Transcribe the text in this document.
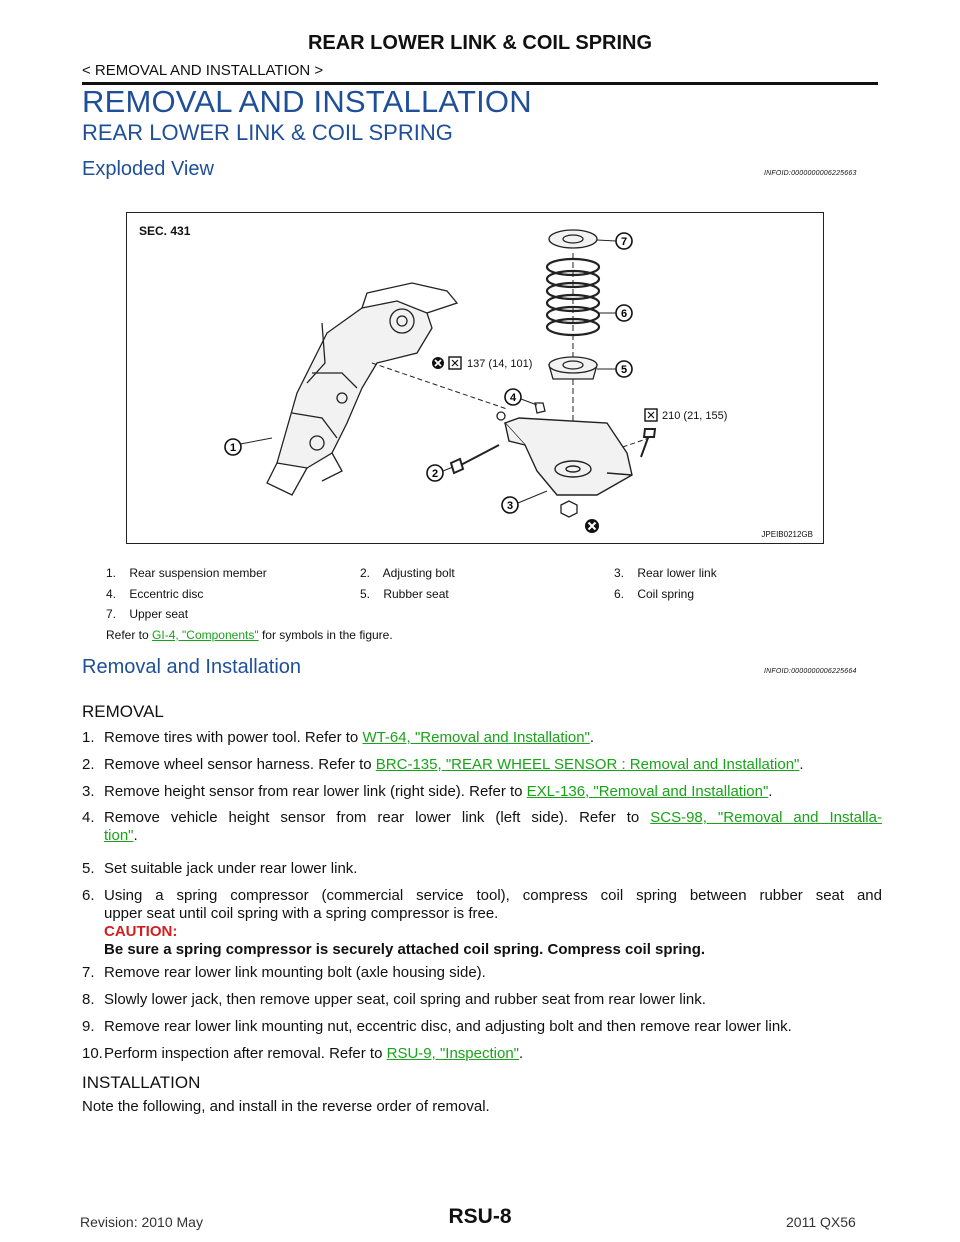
REAR LOWER LINK & COIL SPRING
< REMOVAL AND INSTALLATION >
REMOVAL AND INSTALLATION
REAR LOWER LINK & COIL SPRING
Exploded View	INFOID:0000000006225663
SEC. 431
137 (14, 101)
210 (21, 155)
1
2
3
4
5
6
7
JPEIB0212GB
1. Rear suspension member	2. Adjusting bolt	3. Rear lower link
4. Eccentric disc	5. Rubber seat	6. Coil spring
7. Upper seat
Refer to GI-4, "Components" for symbols in the figure.
Removal and Installation	INFOID:0000000006225664
REMOVAL
1. Remove tires with power tool. Refer to WT-64, "Removal and Installation".
2. Remove wheel sensor harness. Refer to BRC-135, "REAR WHEEL SENSOR : Removal and Installation".
3. Remove height sensor from rear lower link (right side). Refer to EXL-136, "Removal and Installation".
4. Remove vehicle height sensor from rear lower link (left side). Refer to SCS-98, "Removal and Installa-
tion".
5. Set suitable jack under rear lower link.
6. Using a spring compressor (commercial service tool), compress coil spring between rubber seat and
upper seat until coil spring with a spring compressor is free.
CAUTION:
Be sure a spring compressor is securely attached coil spring. Compress coil spring.
7. Remove rear lower link mounting bolt (axle housing side).
8. Slowly lower jack, then remove upper seat, coil spring and rubber seat from rear lower link.
9. Remove rear lower link mounting nut, eccentric disc, and adjusting bolt and then remove rear lower link.
10.Perform inspection after removal. Refer to RSU-9, "Inspection".
INSTALLATION
Note the following, and install in the reverse order of removal.
Revision: 2010 May	RSU-8	2011 QX56
